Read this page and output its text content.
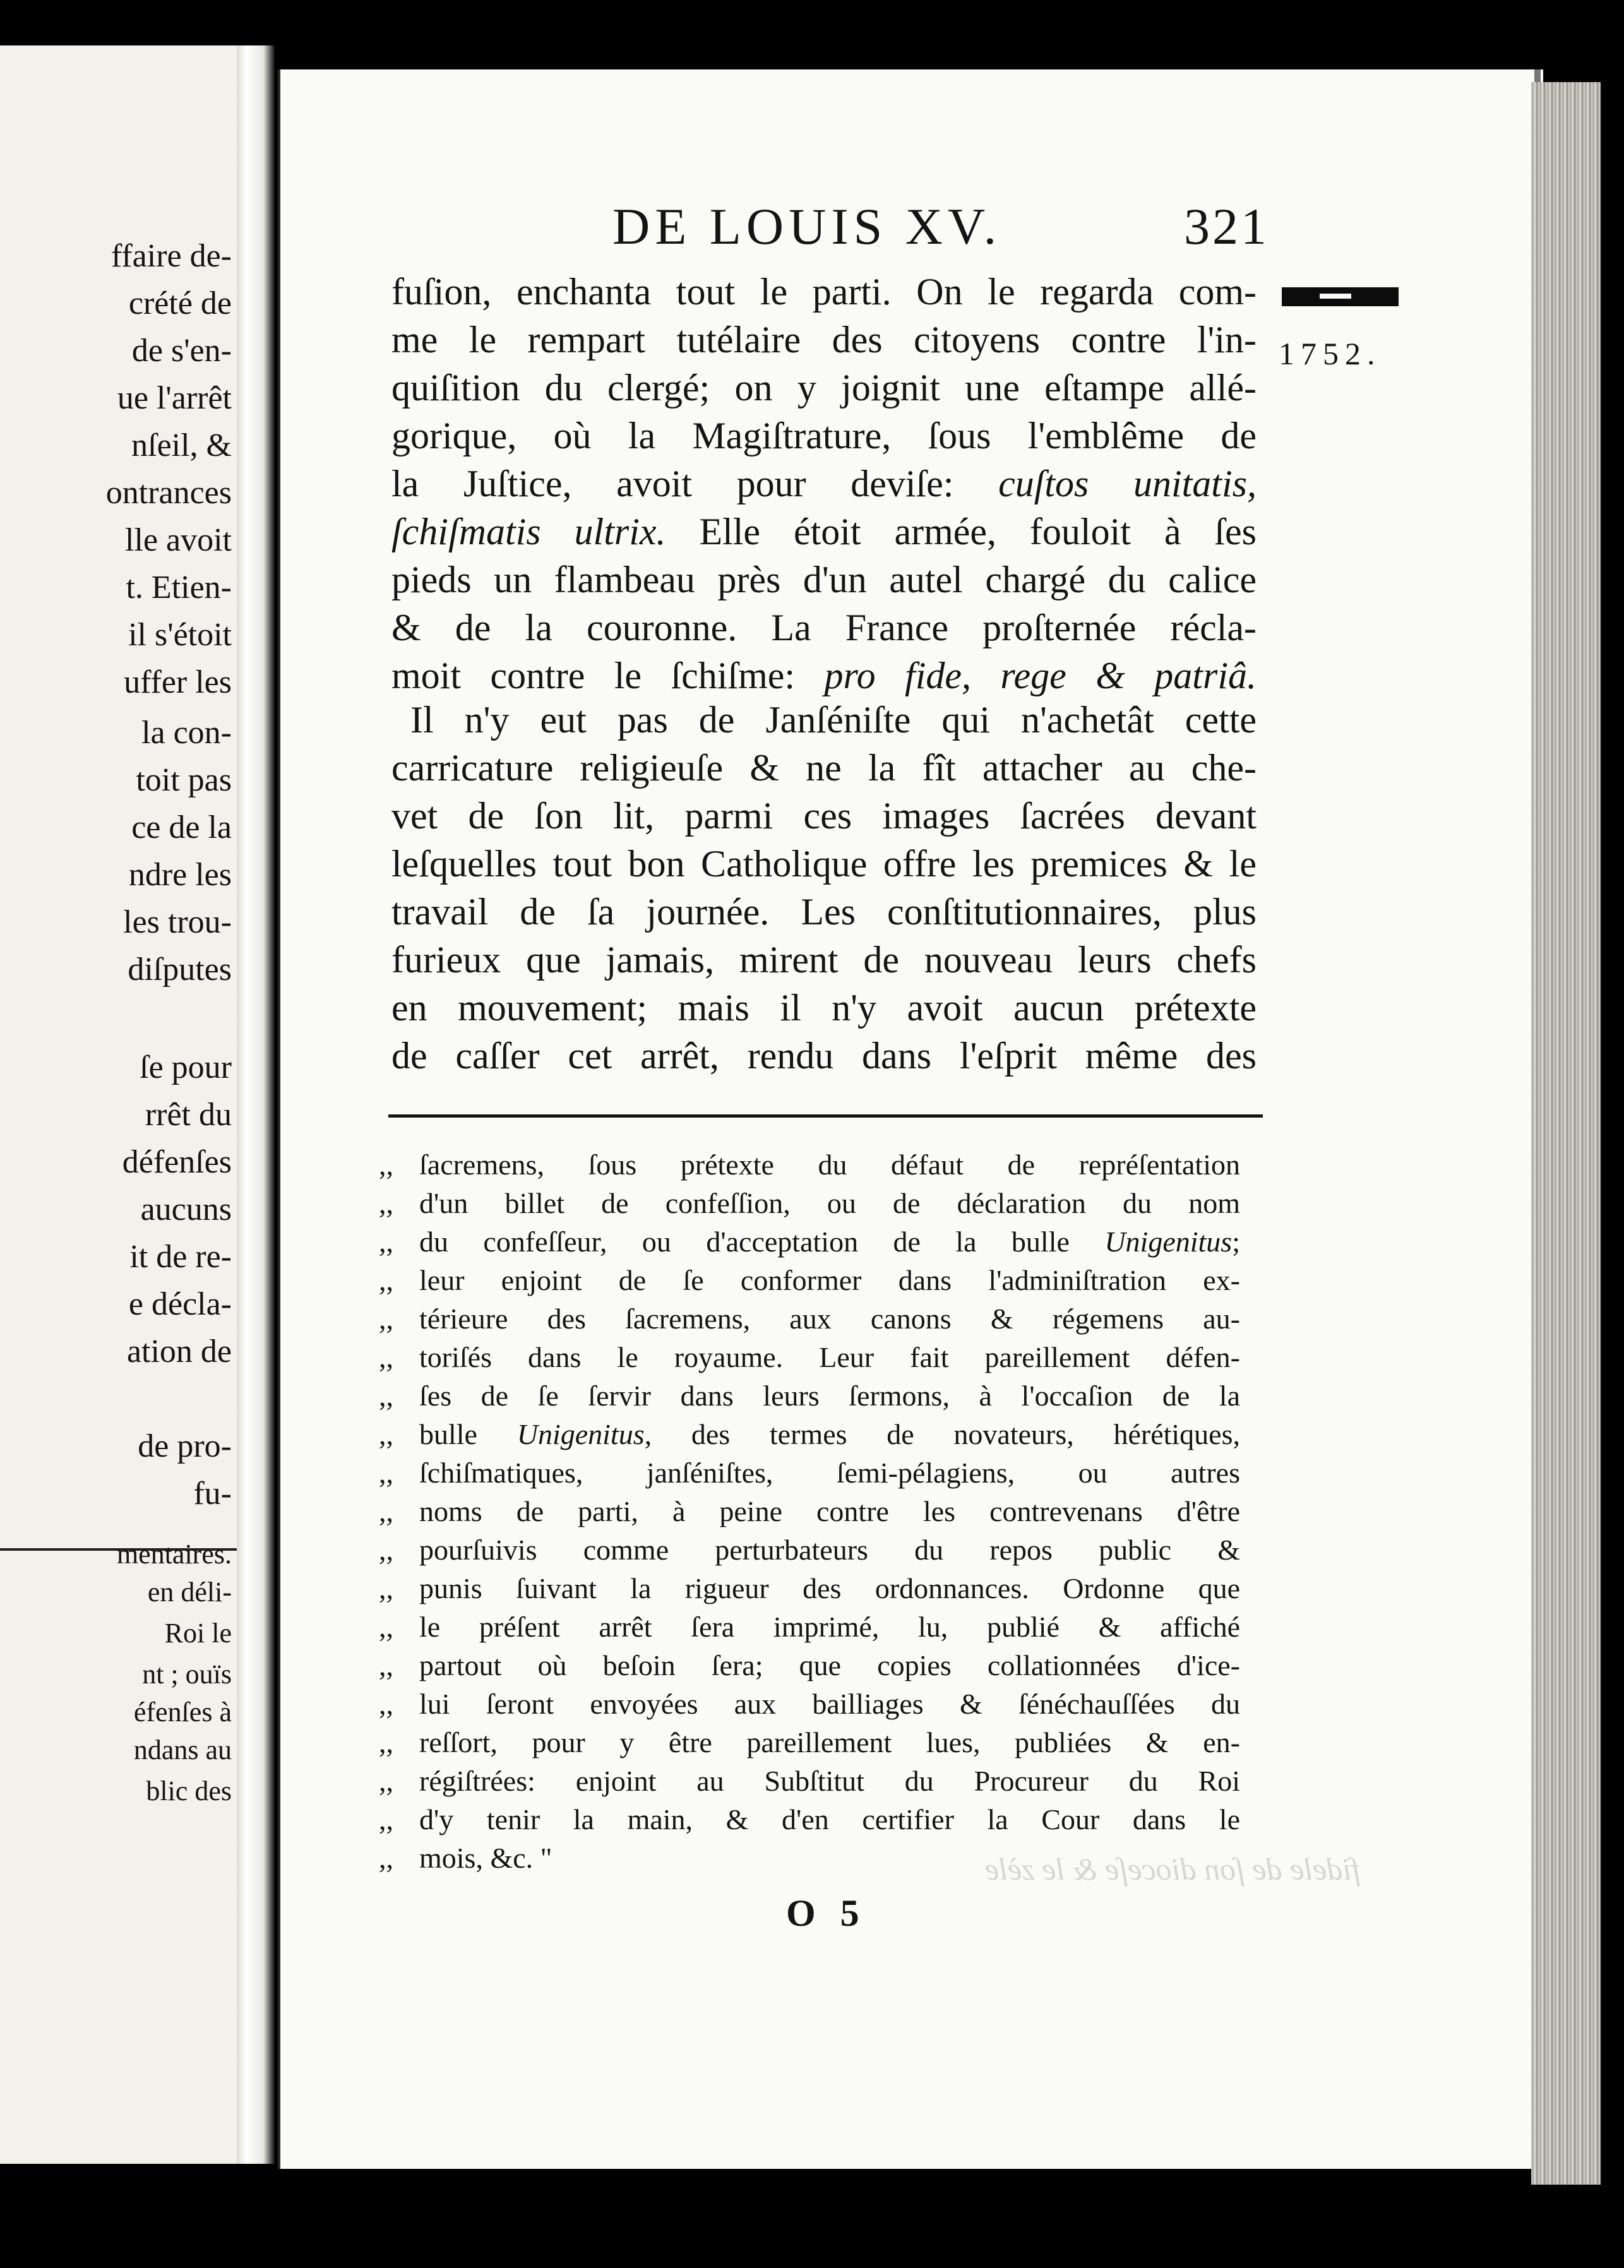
ffaire de-
crété de
de s'en-
ue l'arrêt
nſeil, &
ontrances
lle avoit
t. Etien-
il s'étoit
uffer les
la con-
toit pas
ce de la
ndre les
les trou-
diſputes
ſe pour
rrêt du
défenſes
aucuns
it de re-
e décla-
ation de
de pro-
fu-
mentaires.
en déli-
Roi le
nt ; ouïs
éfenſes à
ndans au
blic des
DE LOUIS XV.	321
1752.
fuſion, enchanta tout le parti. On le regarda com-
me le rempart tutélaire des citoyens contre l'in-
quiſition du clergé; on y joignit une eſtampe allé-
gorique, où la Magiſtrature, ſous l'emblême de
la Juſtice, avoit pour deviſe: cuſtos unitatis,
ſchiſmatis ultrix. Elle étoit armée, fouloit à ſes
pieds un flambeau près d'un autel chargé du calice
& de la couronne. La France proſternée récla-
moit contre le ſchiſme: pro fide, rege & patriâ.
Il n'y eut pas de Janſéniſte qui n'achetât cette
carricature religieuſe & ne la fît attacher au che-
vet de ſon lit, parmi ces images ſacrées devant
leſquelles tout bon Catholique offre les premices & le
travail de ſa journée. Les conſtitutionnaires, plus
furieux que jamais, mirent de nouveau leurs chefs
en mouvement; mais il n'y avoit aucun prétexte
de caſſer cet arrêt, rendu dans l'eſprit même des
fidele de ſon dioceſe & le zèle
,, ſacremens, ſous prétexte du défaut de repréſentation
,, d'un billet de confeſſion, ou de déclaration du nom
,, du confeſſeur, ou d'acceptation de la bulle Unigenitus;
,, leur enjoint de ſe conformer dans l'adminiſtration ex-
,, térieure des ſacremens, aux canons & régemens au-
,, toriſés dans le royaume. Leur fait pareillement défen-
,, ſes de ſe ſervir dans leurs ſermons, à l'occaſion de la
,, bulle Unigenitus, des termes de novateurs, hérétiques,
,, ſchiſmatiques, janſéniſtes, ſemi-pélagiens, ou autres
,, noms de parti, à peine contre les contrevenans d'être
,, pourſuivis comme perturbateurs du repos public &
,, punis ſuivant la rigueur des ordonnances. Ordonne que
,, le préſent arrêt ſera imprimé, lu, publié & affiché
,, partout où beſoin ſera; que copies collationnées d'ice-
,, lui ſeront envoyées aux bailliages & ſénéchauſſées du
,, reſſort, pour y être pareillement lues, publiées & en-
,, régiſtrées: enjoint au Subſtitut du Procureur du Roi
,, d'y tenir la main, & d'en certifier la Cour dans le
,, mois, &c. "
O 5
